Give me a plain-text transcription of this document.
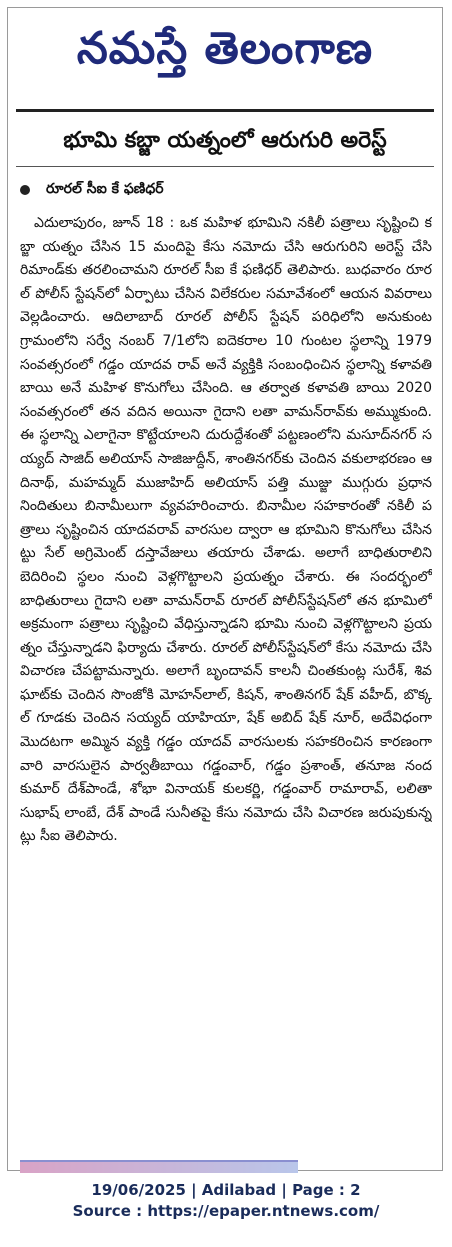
నమస్తే తెలంగాణ
భూమి కబ్జా యత్నంలో ఆరుగురి అరెస్ట్
రూరల్ సీఐ కే ఫణిధర్

ఎదులాపురం, జూన్ 18 : ఒక మహిళ భూమిని నకిలీ పత్రాలు సృష్టించి కబ్జా యత్నం చేసిన 15 మందిపై కేసు నమోదు చేసి ఆరుగురిని అరెస్ట్ చేసి రిమాండ్‌కు తరలించామని రూరల్ సీఐ కే ఫణిధర్ తెలిపారు. బుధవారం రూరల్ పోలీస్ స్టేషన్‌లో ఏర్పాటు చేసిన విలేకరుల సమావేశంలో ఆయన వివరాలు వెల్లడించారు. ఆదిలాబాద్ రూరల్ పోలీస్ స్టేషన్ పరిధిలోని అనుకుంట గ్రామంలోని సర్వే నంబర్ 7/1లోని ఐదెకరాల 10 గుంటల స్థలాన్ని 1979 సంవత్సరంలో గడ్డం యాదవ రావ్ అనే వ్యక్తికి సంబంధించిన స్థలాన్ని కళావతి బాయి అనే మహిళ కొనుగోలు చేసింది. ఆ తర్వాత కళావతి బాయి 2020 సంవత్సరంలో తన వదిన అయినా గైదాని లతా వామన్‌రావ్‌కు అమ్ముకుంది. ఈ స్థలాన్ని ఎలాగైనా కొట్టేయాలని దురుద్దేశంతో పట్టణంలోని మసూద్‌నగర్ సయ్యద్ సాజిద్ అలియాస్ సాజిజుద్దీన్, శాంతినగర్‌కు చెందిన వకులాభరణం ఆదినాథ్, మహమ్మద్ ముజాహిద్ అలియాస్ పత్తి ముజ్జు ముగ్గురు ప్రధాన నిందితులు బినామీలుగా వ్యవహరించారు. బినామీల సహకారంతో నకిలీ పత్రాలు సృష్టించిన యాదవరావ్ వారసుల ద్వారా ఆ భూమిని కొనుగోలు చేసినట్టు సేల్ అగ్రిమెంట్ దస్తావేజులు తయారు చేశాడు. అలాగే బాధితురాలిని బెదిరించి స్థలం నుంచి వెళ్లగొట్టాలని ప్రయత్నం చేశారు. ఈ సందర్భంలో బాధితురాలు గైదాని లతా వామన్‌రావ్ రూరల్ పోలీస్‌స్టేషన్‌లో తన భూమిలో అక్రమంగా పత్రాలు సృష్టించి వేధిస్తున్నాడని భూమి నుంచి వెళ్లగొట్టాలని ప్రయత్నం చేస్తున్నాడని ఫిర్యాదు చేశారు. రూరల్ పోలీస్‌స్టేషన్‌లో కేసు నమోదు చేసి విచారణ చేపట్టామన్నారు. అలాగే బృందావన్ కాలనీ చింతకుంట్ల సురేశ్, శివఘాట్‌కు చెందిన సొంజోకి మోహన్‌లాల్, కిషన్, శాంతినగర్ షేక్ వహీద్, బొక్కల్ గూడకు చెందిన సయ్యద్ యాహియా, షేక్ అబిద్ షేక్ నూర్, అదేవిధంగా మొదటగా అమ్మిన వ్యక్తి గడ్డం యాదవ్ వారసులకు సహకరించిన కారణంగా వారి వారసులైన పార్వతీబాయి గడ్డంవార్, గడ్డం ప్రశాంత్, తనూజ నందకుమార్ దేశ్‌పాండే, శోభా వినాయక్ కులకర్ణి, గడ్డంవార్ రామారావ్, లలితా సుభాష్ లాంబే, దేశ్ పాండే సునీతపై కేసు నమోదు చేసి విచారణ జరుపుకున్నట్లు సీఐ తెలిపారు.

19/06/2025 | Adilabad | Page : 2
Source : https://epaper.ntnews.com/
